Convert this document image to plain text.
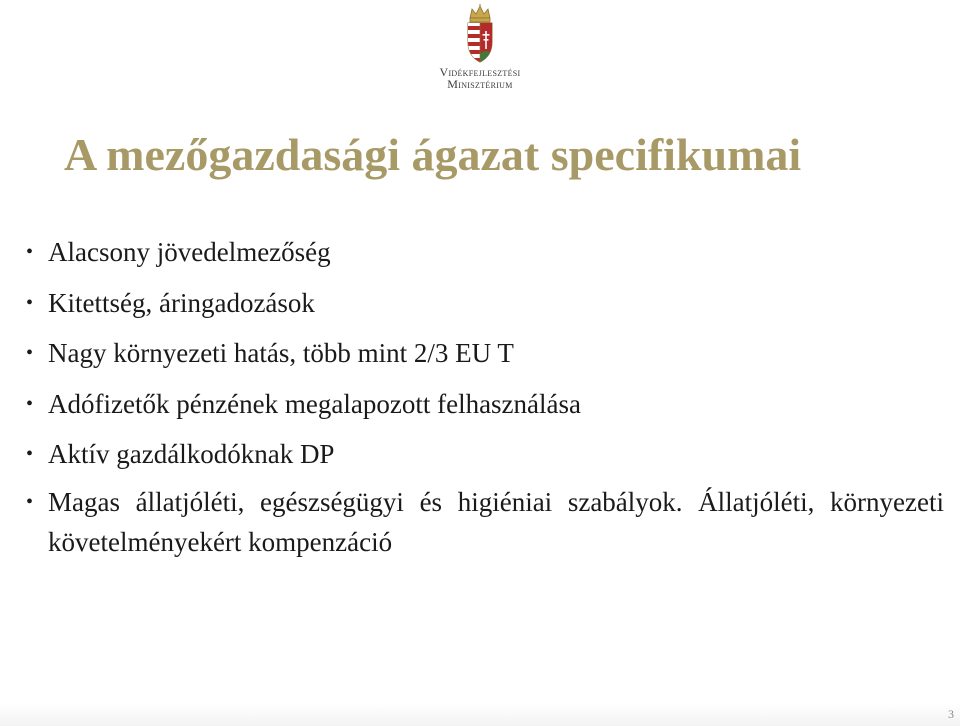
Vidékfejlesztési
Minisztérium
A mezőgazdasági ágazat specifikumai
• Alacsony jövedelmezőség
• Kitettség, áringadozások
• Nagy környezeti hatás, több mint 2/3 EU T
• Adófizetők pénzének megalapozott felhasználása
• Aktív gazdálkodóknak DP
• Magas állatjóléti, egészségügyi és higiéniai szabályok. Állatjóléti, környezeti követelményekért kompenzáció
3
